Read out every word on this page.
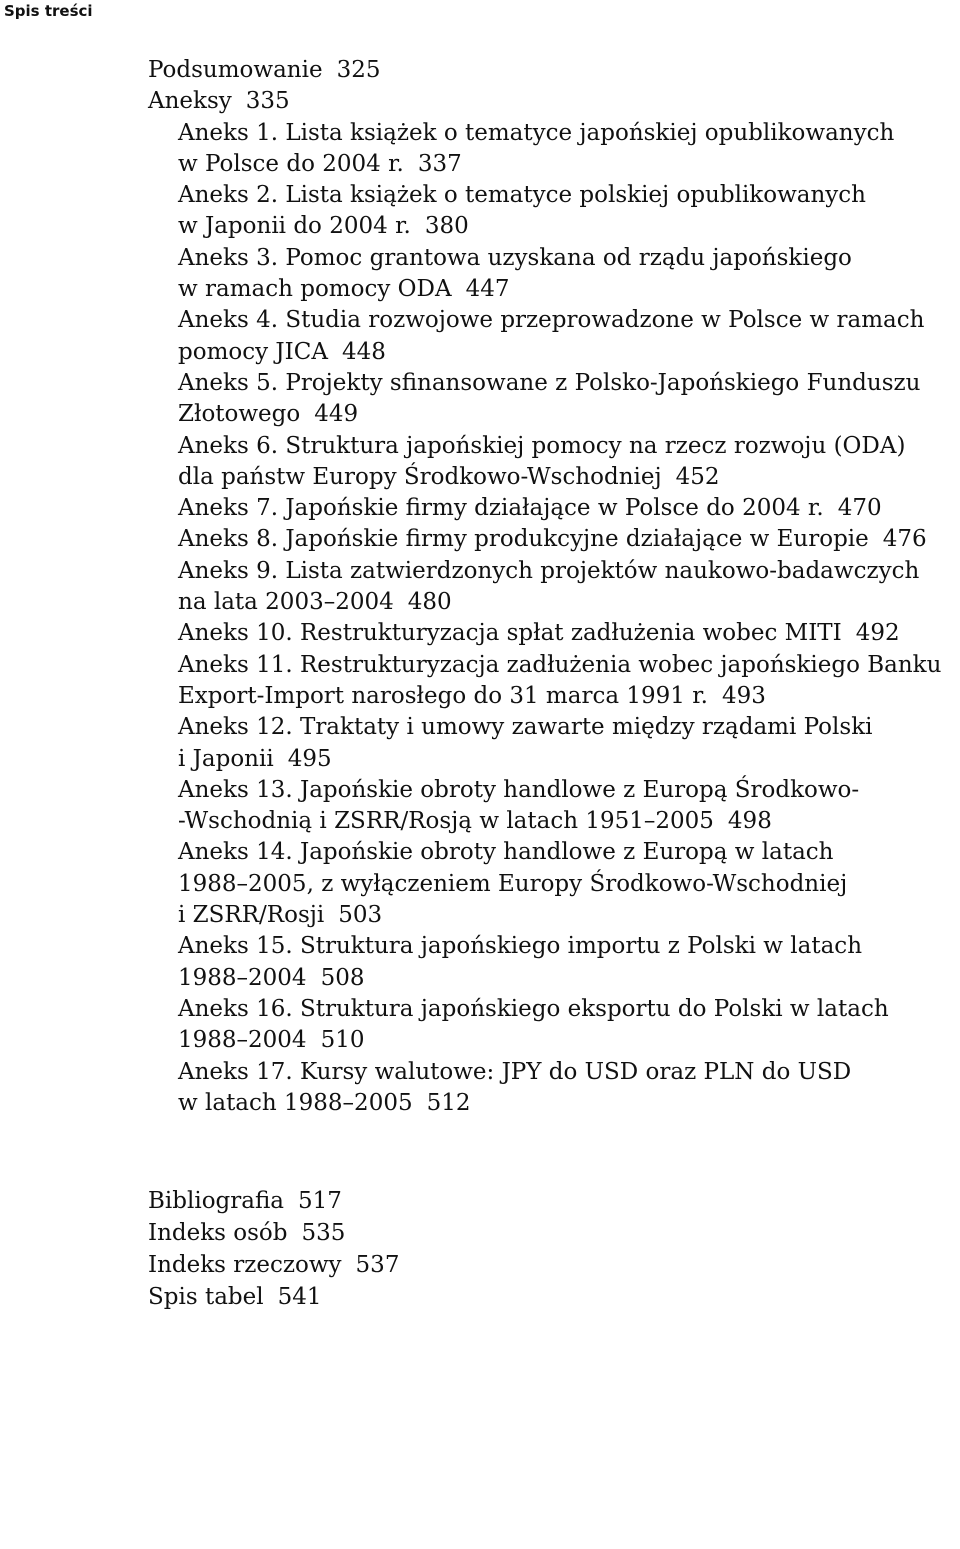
Spis treści
Podsumowanie 325
Aneksy 335
Aneks 1. Lista książek o tematyce japońskiej opublikowanych
w Polsce do 2004 r. 337
Aneks 2. Lista książek o tematyce polskiej opublikowanych
w Japonii do 2004 r. 380
Aneks 3. Pomoc grantowa uzyskana od rządu japońskiego
w ramach pomocy ODA 447
Aneks 4. Studia rozwojowe przeprowadzone w Polsce w ramach
pomocy JICA 448
Aneks 5. Projekty sfinansowane z Polsko-Japońskiego Funduszu
Złotowego 449
Aneks 6. Struktura japońskiej pomocy na rzecz rozwoju (ODA)
dla państw Europy Środkowo-Wschodniej 452
Aneks 7. Japońskie firmy działające w Polsce do 2004 r. 470
Aneks 8. Japońskie firmy produkcyjne działające w Europie 476
Aneks 9. Lista zatwierdzonych projektów naukowo-badawczych
na lata 2003–2004 480
Aneks 10. Restrukturyzacja spłat zadłużenia wobec MITI 492
Aneks 11. Restrukturyzacja zadłużenia wobec japońskiego Banku
Export-Import narosłego do 31 marca 1991 r. 493
Aneks 12. Traktaty i umowy zawarte między rządami Polski
i Japonii 495
Aneks 13. Japońskie obroty handlowe z Europą Środkowo-
-Wschodnią i ZSRR/Rosją w latach 1951–2005 498
Aneks 14. Japońskie obroty handlowe z Europą w latach
1988–2005, z wyłączeniem Europy Środkowo-Wschodniej
i ZSRR/Rosji 503
Aneks 15. Struktura japońskiego importu z Polski w latach
1988–2004 508
Aneks 16. Struktura japońskiego eksportu do Polski w latach
1988–2004 510
Aneks 17. Kursy walutowe: JPY do USD oraz PLN do USD
w latach 1988–2005 512
Bibliografia 517
Indeks osób 535
Indeks rzeczowy 537
Spis tabel 541
